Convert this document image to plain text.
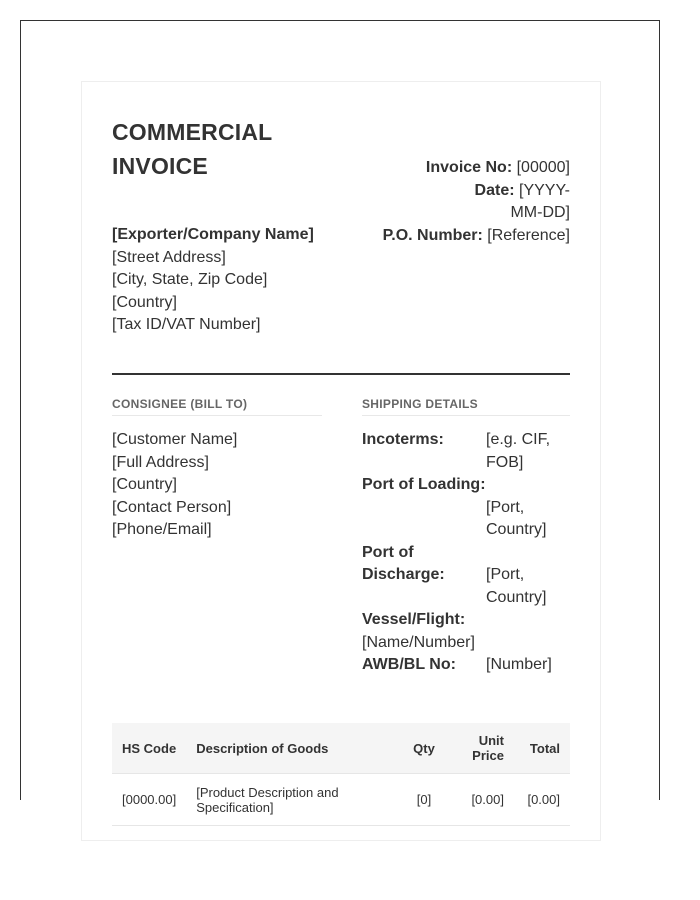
COMMERCIAL
INVOICE
[Exporter/Company Name]
[Street Address]
[City, State, Zip Code]
[Country]
[Tax ID/VAT Number]
Invoice No: [00000]
Date: [YYYY-MM-DD]
P.O. Number: [Reference]
CONSIGNEE (BILL TO)	SHIPPING DETAILS
[Customer Name]
[Full Address]
[Country]
[Contact Person]
[Phone/Email]
Incoterms:	[e.g. CIF, FOB]
Port of Loading:
[Port, Country]
Port of Discharge:	[Port, Country]
Vessel/Flight:
[Name/Number]
AWB/BL No:	[Number]
HS Code	Description of Goods	Qty	Unit Price	Total
[0000.00]	[Product Description and Specification]	[0]	[0.00]	[0.00]
